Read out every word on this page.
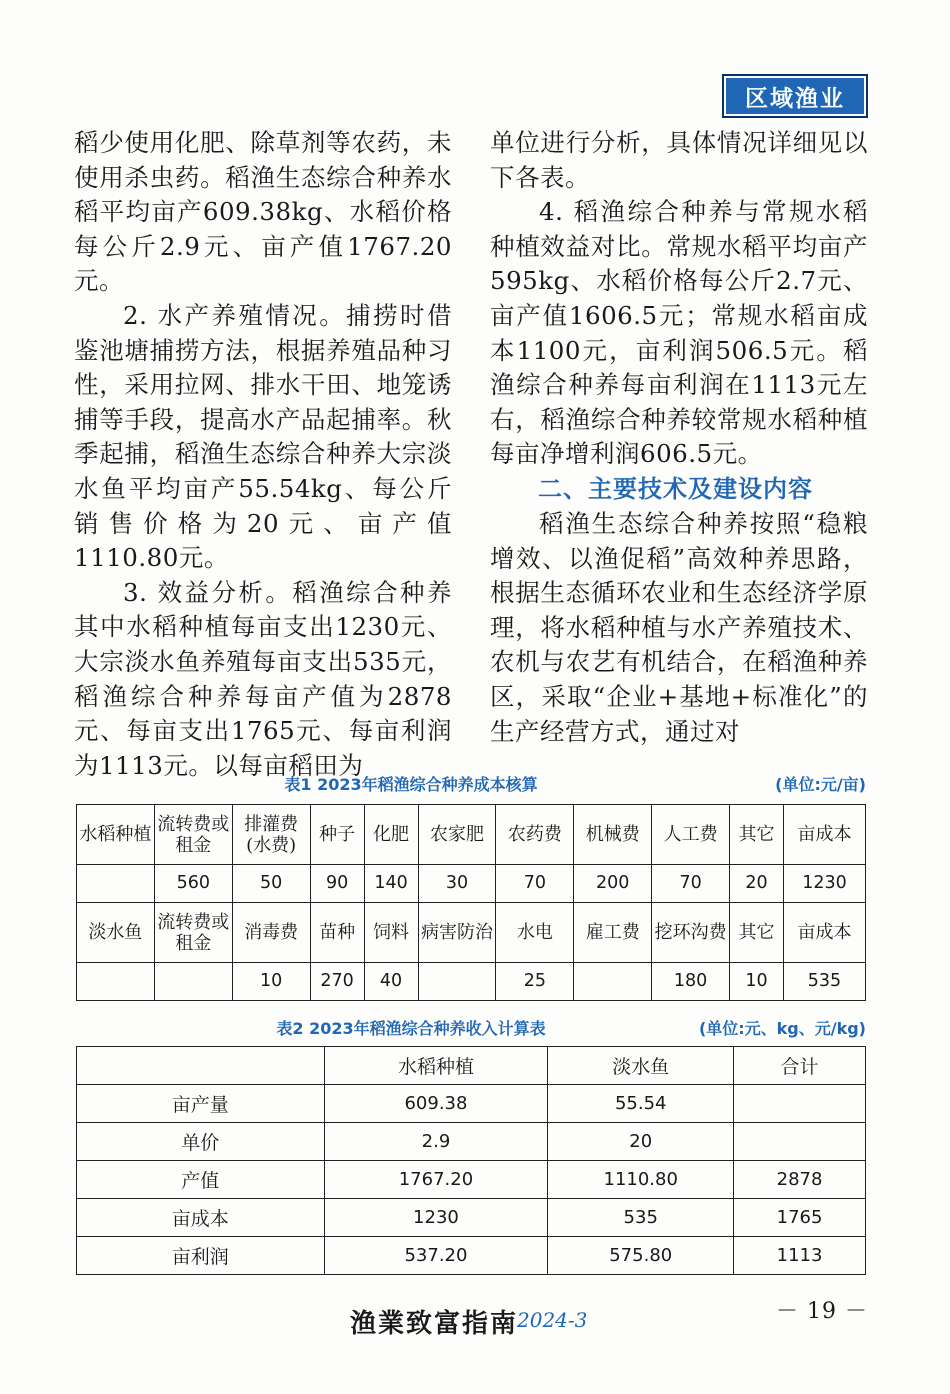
区域渔业

稻少使用化肥、除草剂等农药，未使用杀虫药。稻渔生态综合种养水稻平均亩产609.38kg、水稻价格每公斤2.9元、亩产值1767.20元。

2. 水产养殖情况。捕捞时借鉴池塘捕捞方法，根据养殖品种习性，采用拉网、排水干田、地笼诱捕等手段，提高水产品起捕率。秋季起捕，稻渔生态综合种养大宗淡水鱼平均亩产55.54kg、每公斤销售价格为20元、亩产值1110.80元。

3. 效益分析。稻渔综合种养其中水稻种植每亩支出1230元、大宗淡水鱼养殖每亩支出535元，稻渔综合种养每亩产值为2878元、每亩支出1765元、每亩利润为1113元。以每亩稻田为

单位进行分析，具体情况详细见以下各表。

4. 稻渔综合种养与常规水稻种植效益对比。常规水稻平均亩产595kg、水稻价格每公斤2.7元、亩产值1606.5元；常规水稻亩成本1100元，亩利润506.5元。稻渔综合种养每亩利润在1113元左右，稻渔综合种养较常规水稻种植每亩净增利润606.5元。

二、主要技术及建设内容

稻渔生态综合种养按照“稳粮增效、以渔促稻”高效种养思路，根据生态循环农业和生态经济学原理，将水稻种植与水产养殖技术、农机与农艺有机结合，在稻渔种养区，采取“企业+基地+标准化”的生产经营方式，通过对

表1 2023年稻渔综合种养成本核算	(单位:元/亩)
水稻种植	流转费或租金	排灌费(水费)	种子	化肥	农家肥	农药费	机械费	人工费	其它	亩成本
	560	50	90	140	30	70	200	70	20	1230
淡水鱼	流转费或租金	消毒费	苗种	饲料	病害防治	水电	雇工费	挖环沟费	其它	亩成本
		10	270	40		25		180	10	535
表2 2023年稻渔综合种养收入计算表	(单位:元、kg、元/kg)
	水稻种植	淡水鱼	合计
亩产量	609.38	55.54	
单价	2.9	20	
产值	1767.20	1110.80	2878
亩成本	1230	535	1765
亩利润	537.20	575.80	1113
渔業致富指南
2024-3	－ 19 －
